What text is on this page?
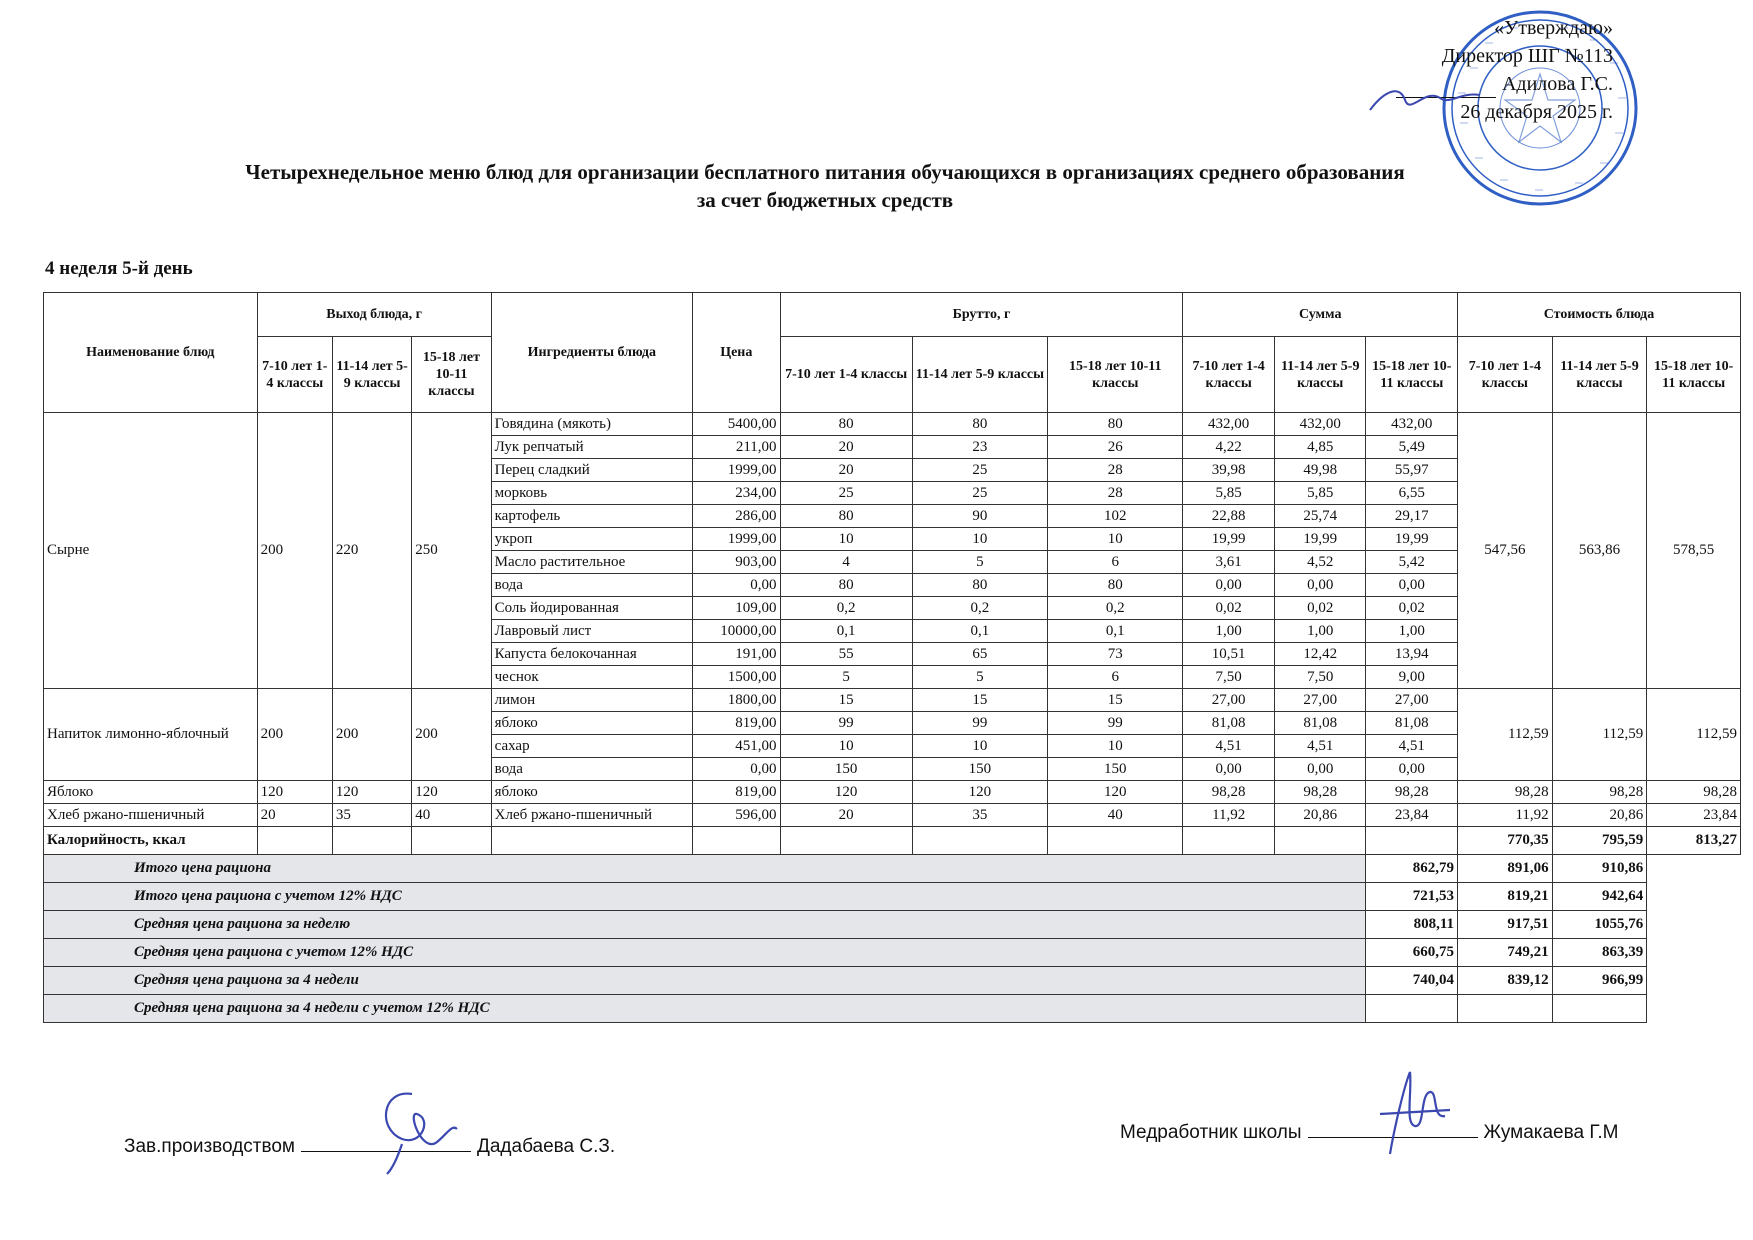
«Утверждаю»
Директор ШГ №113
Адилова Г.С.
26 декабря 2025 г.
Четырехнедельное меню блюд для организации бесплатного питания обучающихся в организациях среднего образования
за счет бюджетных средств
4 неделя 5-й день
Наименование блюд	Выход блюда, г			Ингредиенты блюда	Цена	Брутто, г			Сумма			Стоимость блюда		
	7-10 лет 1-4 классы	11-14 лет 5-9 классы	15-18 лет 10-11 классы			7-10 лет 1-4 классы	11-14 лет 5-9 классы	15-18 лет 10-11 классы	7-10 лет 1-4 классы	11-14 лет 5-9 классы	15-18 лет 10-11 классы	7-10 лет 1-4 классы	11-14 лет 5-9 классы	15-18 лет 10-11 классы
Сырне	200	220	250	Говядина (мякоть)	5400,00	80	80	80	432,00	432,00	432,00	547,56	563,86	578,55
				Лук репчатый	211,00	20	23	26	4,22	4,85	5,49			
				Перец сладкий	1999,00	20	25	28	39,98	49,98	55,97			
				морковь	234,00	25	25	28	5,85	5,85	6,55			
				картофель	286,00	80	90	102	22,88	25,74	29,17			
				укроп	1999,00	10	10	10	19,99	19,99	19,99			
				Масло растительное	903,00	4	5	6	3,61	4,52	5,42			
				вода	0,00	80	80	80	0,00	0,00	0,00			
				Соль йодированная	109,00	0,2	0,2	0,2	0,02	0,02	0,02			
				Лавровый лист	10000,00	0,1	0,1	0,1	1,00	1,00	1,00			
				Капуста белокочанная	191,00	55	65	73	10,51	12,42	13,94			
				чеснок	1500,00	5	5	6	7,50	7,50	9,00			
Напиток лимонно-яблочный	200	200	200	лимон	1800,00	15	15	15	27,00	27,00	27,00	112,59	112,59	112,59
				яблоко	819,00	99	99	99	81,08	81,08	81,08			
				сахар	451,00	10	10	10	4,51	4,51	4,51			
				вода	0,00	150	150	150	0,00	0,00	0,00			
Яблоко	120	120	120	яблоко	819,00	120	120	120	98,28	98,28	98,28	98,28	98,28	98,28
Хлеб ржано-пшеничный	20	35	40	Хлеб ржано-пшеничный	596,00	20	35	40	11,92	20,86	23,84	11,92	20,86	23,84
Калорийность, ккал												770,35	795,59	813,27
Итого цена рациона											862,79	891,06	910,86	
Итого цена рациона с учетом 12% НДС											721,53	819,21	942,64	
Средняя цена рациона за неделю											808,11	917,51	1055,76	
Средняя цена рациона с учетом 12% НДС											660,75	749,21	863,39	
Средняя цена рациона за 4 недели											740,04	839,12	966,99	
Средняя цена рациона за 4 недели с учетом 12% НДС														
Зав.производством	Дадабаева С.З.
Медработник школы	Жумакаева Г.М
